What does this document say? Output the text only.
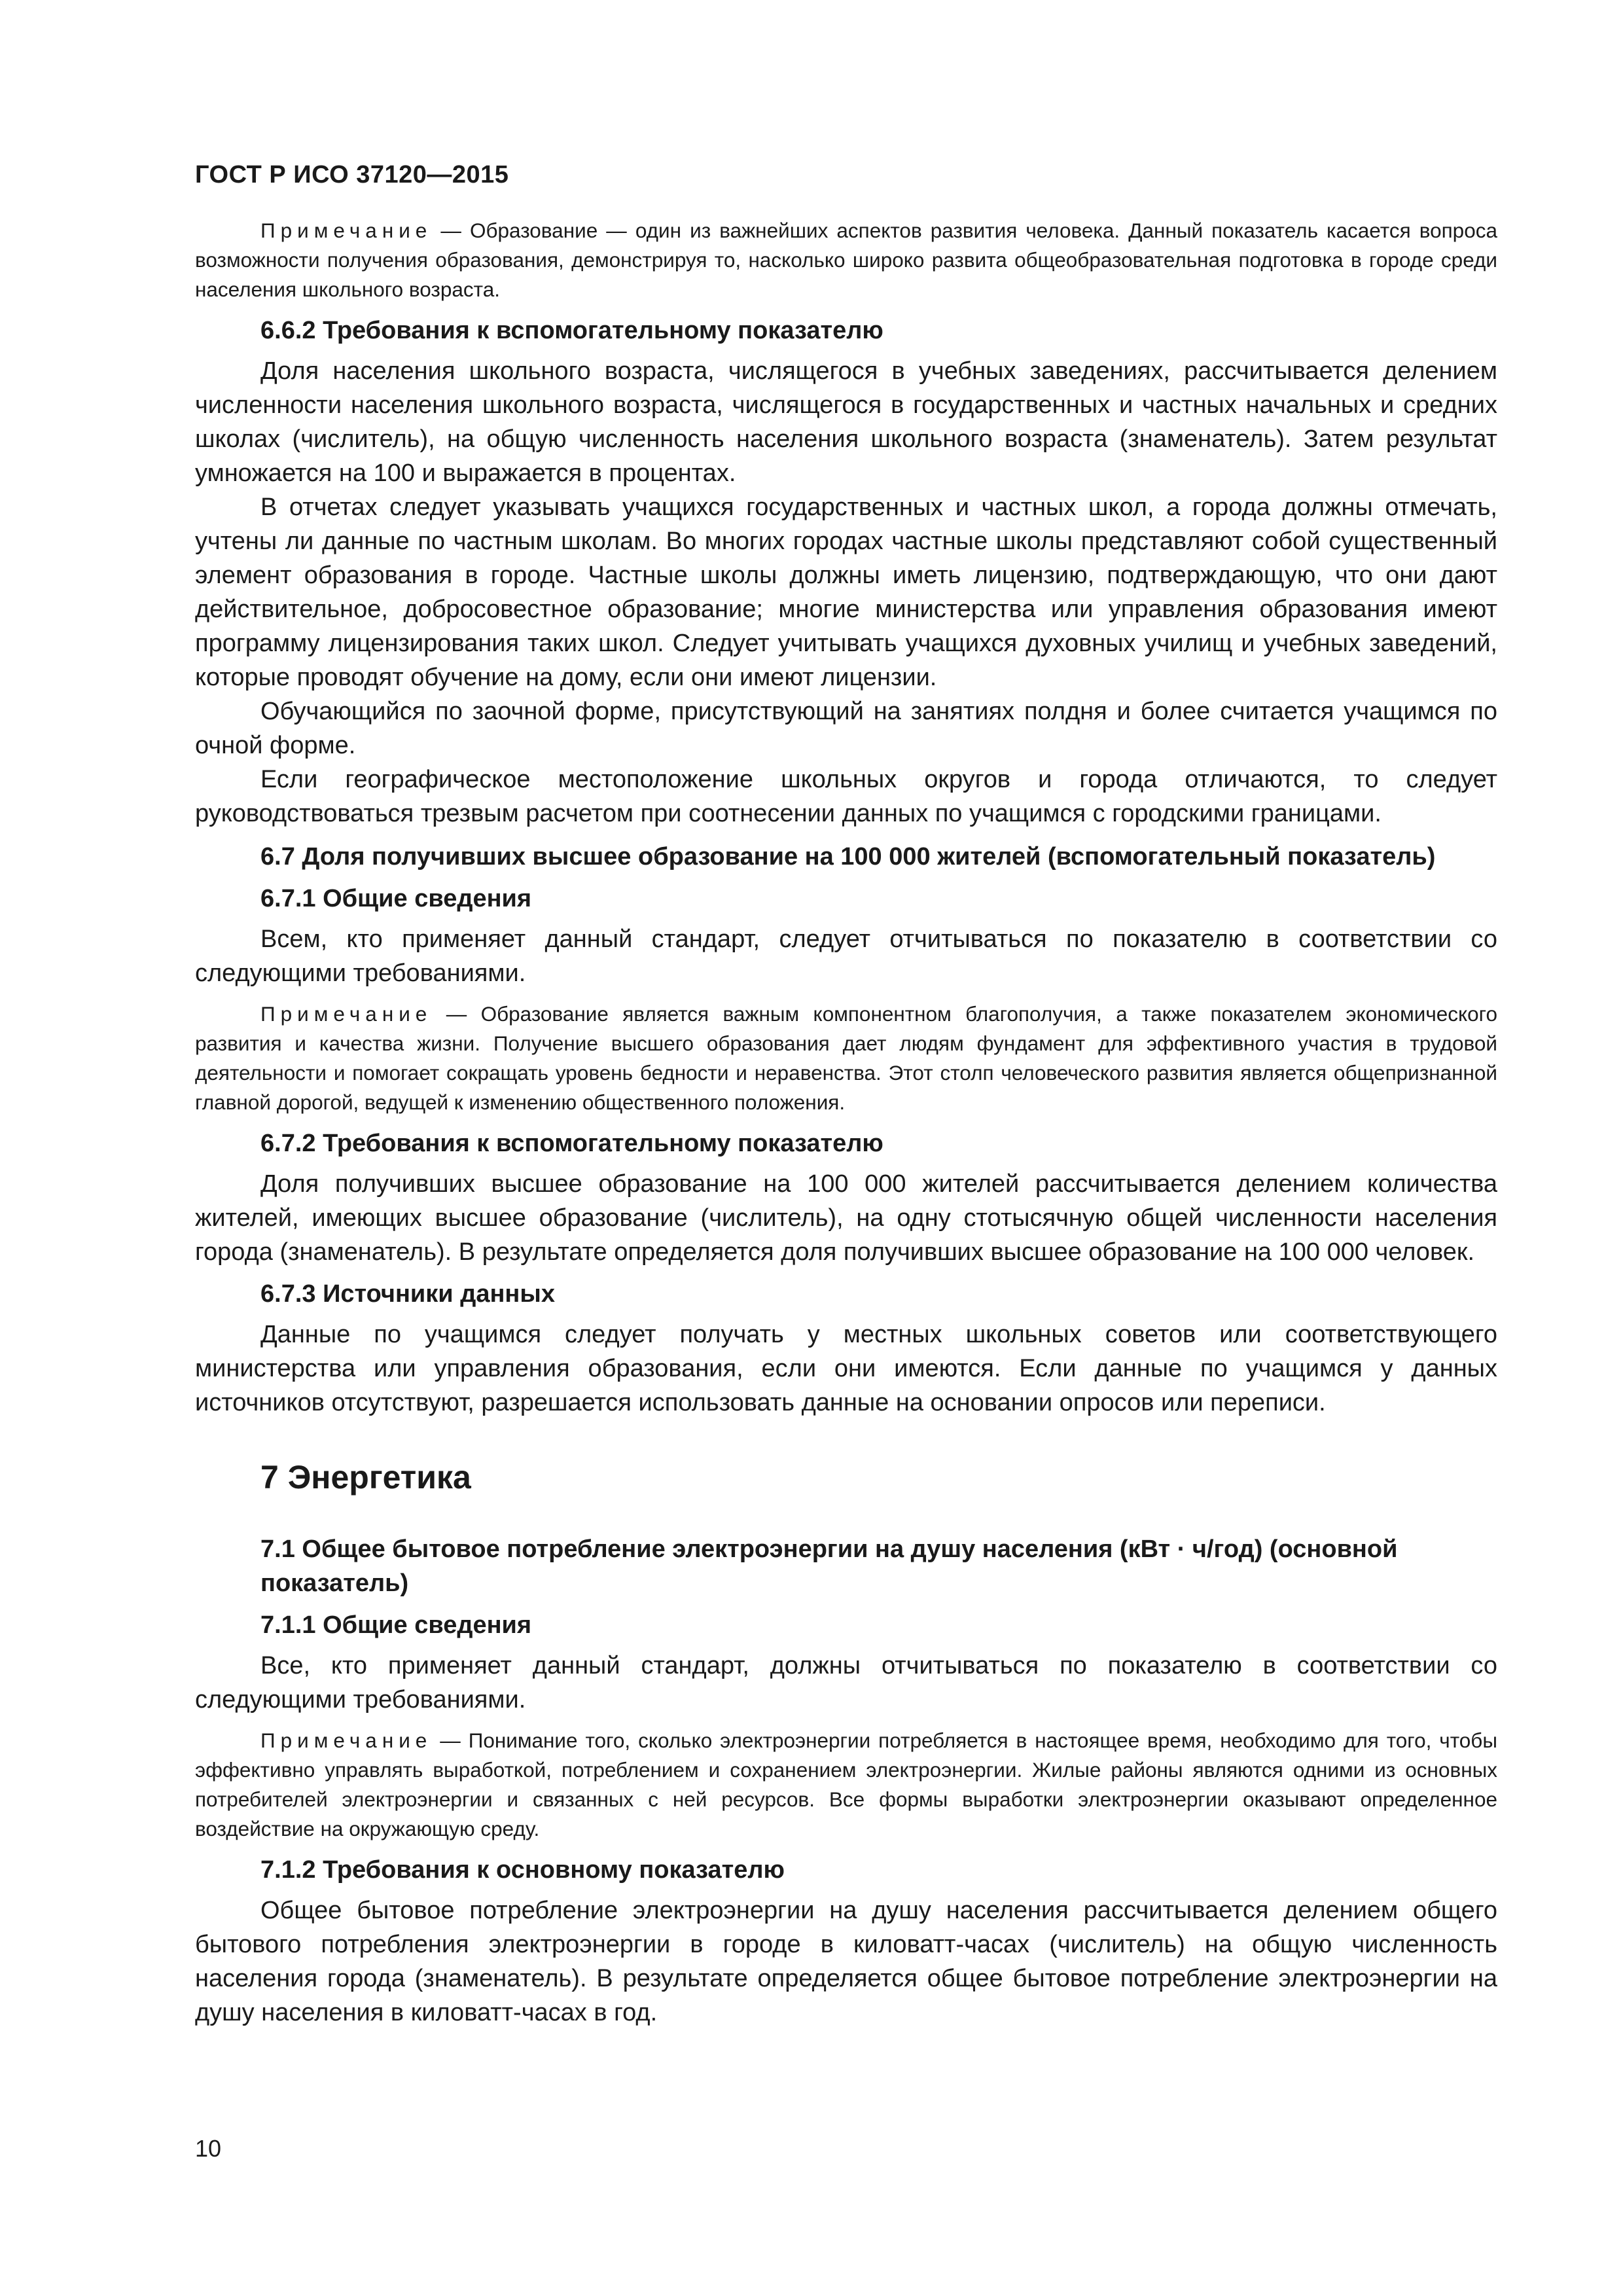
ГОСТ Р ИСО 37120—2015

Примечание — Образование — один из важнейших аспектов развития человека. Данный показатель касается вопроса возможности получения образования, демонстрируя то, насколько широко развита общеобразовательная подготовка в городе среди населения школьного возраста.

6.6.2 Требования к вспомогательному показателю

Доля населения школьного возраста, числящегося в учебных заведениях, рассчитывается делением численности населения школьного возраста, числящегося в государственных и частных начальных и средних школах (числитель), на общую численность населения школьного возраста (знаменатель). Затем результат умножается на 100 и выражается в процентах.

В отчетах следует указывать учащихся государственных и частных школ, а города должны отмечать, учтены ли данные по частным школам. Во многих городах частные школы представляют собой существенный элемент образования в городе. Частные школы должны иметь лицензию, подтверждающую, что они дают действительное, добросовестное образование; многие министерства или управления образования имеют программу лицензирования таких школ. Следует учитывать учащихся духовных училищ и учебных заведений, которые проводят обучение на дому, если они имеют лицензии.

Обучающийся по заочной форме, присутствующий на занятиях полдня и более считается учащимся по очной форме.

Если географическое местоположение школьных округов и города отличаются, то следует руководствоваться трезвым расчетом при соотнесении данных по учащимся с городскими границами.

6.7 Доля получивших высшее образование на 100 000 жителей (вспомогательный показатель)
6.7.1 Общие сведения

Всем, кто применяет данный стандарт, следует отчитываться по показателю в соответствии со следующими требованиями.

Примечание — Образование является важным компонентном благополучия, а также показателем экономического развития и качества жизни. Получение высшего образования дает людям фундамент для эффективного участия в трудовой деятельности и помогает сокращать уровень бедности и неравенства. Этот столп человеческого развития является общепризнанной главной дорогой, ведущей к изменению общественного положения.

6.7.2 Требования к вспомогательному показателю

Доля получивших высшее образование на 100 000 жителей рассчитывается делением количества жителей, имеющих высшее образование (числитель), на одну стотысячную общей численности населения города (знаменатель). В результате определяется доля получивших высшее образование на 100 000 человек.

6.7.3 Источники данных

Данные по учащимся следует получать у местных школьных советов или соответствующего министерства или управления образования, если они имеются. Если данные по учащимся у данных источников отсутствуют, разрешается использовать данные на основании опросов или переписи.

7 Энергетика
7.1 Общее бытовое потребление электроэнергии на душу населения (кВт · ч/год) (основной показатель)
7.1.1 Общие сведения

Все, кто применяет данный стандарт, должны отчитываться по показателю в соответствии со следующими требованиями.

Примечание — Понимание того, сколько электроэнергии потребляется в настоящее время, необходимо для того, чтобы эффективно управлять выработкой, потреблением и сохранением электроэнергии. Жилые районы являются одними из основных потребителей электроэнергии и связанных с ней ресурсов. Все формы выработки электроэнергии оказывают определенное воздействие на окружающую среду.

7.1.2 Требования к основному показателю

Общее бытовое потребление электроэнергии на душу населения рассчитывается делением общего бытового потребления электроэнергии в городе в киловатт-часах (числитель) на общую численность населения города (знаменатель). В результате определяется общее бытовое потребление электроэнергии на душу населения в киловатт-часах в год.

10
